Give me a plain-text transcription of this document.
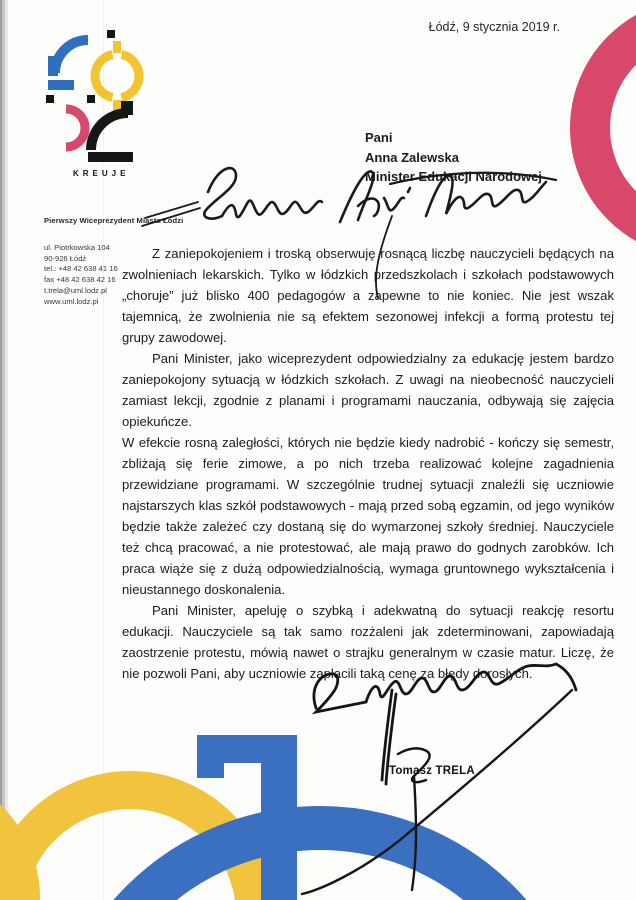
Łódź, 9 stycznia 2019 r.
KREUJE
Pierwszy Wiceprezydent Miasta Łodzi
ul. Piotrkowska 104
90-926 Łódź
tel.: +48 42 638 41 16
fax +48 42 638 42 16
t.trela@uml.lodz.pl
www.uml.lodz.pl
Pani
Anna Zalewska
Minister Edukacji Narodowej

Z zaniepokojeniem i troską obserwuję rosnącą liczbę nauczycieli będących na zwolnieniach lekarskich. Tylko w łódzkich przedszkolach i szkołach podstawowych „choruje” już blisko 400 pedagogów a zapewne to nie koniec. Nie jest wszak tajemnicą, że zwolnienia nie są efektem sezonowej infekcji a formą protestu tej grupy zawodowej.

Pani Minister, jako wiceprezydent odpowiedzialny za edukację jestem bardzo zaniepokojony sytuacją w łódzkich szkołach. Z uwagi na nieobecność nauczycieli zamiast lekcji, zgodnie z planami i programami nauczania, odbywają się zajęcia opiekuńcze.

W efekcie rosną zaległości, których nie będzie kiedy nadrobić - kończy się semestr, zbliżają się ferie zimowe, a po nich trzeba realizować kolejne zagadnienia przewidziane programami. W szczególnie trudnej sytuacji znaleźli się uczniowie najstarszych klas szkół podstawowych - mają przed sobą egzamin, od jego wyników będzie także zależeć czy dostaną się do wymarzonej szkoły średniej. Nauczyciele też chcą pracować, a nie protestować, ale mają prawo do godnych zarobków. Ich praca wiąże się z dużą odpowiedzialnością, wymaga gruntownego wykształcenia i nieustannego doskonalenia.

Pani Minister, apeluję o szybką i adekwatną do sytuacji reakcję resortu edukacji. Nauczyciele są tak samo rozżaleni jak zdeterminowani, zapowiadają zaostrzenie protestu, mówią nawet o strajku generalnym w czasie matur. Liczę, że nie pozwoli Pani, aby uczniowie zapłacili taką cenę za błędy dorosłych.

Tomasz TRELA
